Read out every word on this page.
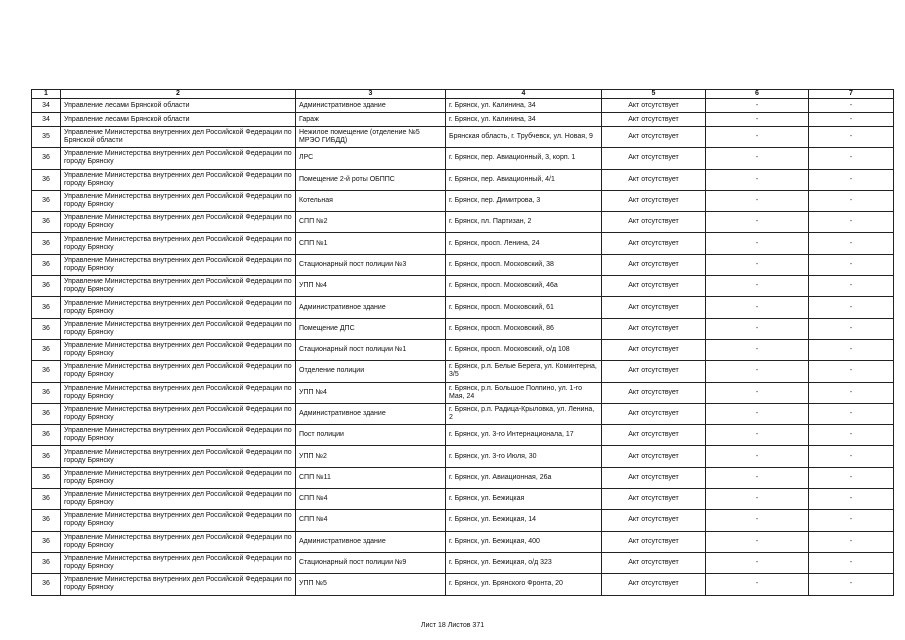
1	2	3	4	5	6	7
34	Управление лесами Брянской области	Административное здание	г. Брянск, ул. Калинина, 34	Акт отсутствует	-	-
34	Управление лесами Брянской области	Гараж	г. Брянск, ул. Калинина, 34	Акт отсутствует	-	-
35	Управление Министерства внутренних дел Российской Федерации по Брянской области	Нежилое помещение (отделение №5 МРЭО ГИБДД)	Брянская область, г. Трубчевск, ул. Новая, 9	Акт отсутствует	-	-
36	Управление Министерства внутренних дел Российской Федерации по городу Брянску	ЛРС	г. Брянск, пер. Авиационный, 3, корп. 1	Акт отсутствует	-	-
36	Управление Министерства внутренних дел Российской Федерации по городу Брянску	Помещение 2-й роты ОБППС	г. Брянск, пер. Авиационный, 4/1	Акт отсутствует	-	-
36	Управление Министерства внутренних дел Российской Федерации по городу Брянску	Котельная	г. Брянск, пер. Димитрова, 3	Акт отсутствует	-	-
36	Управление Министерства внутренних дел Российской Федерации по городу Брянску	СПП №2	г. Брянск, пл. Партизан, 2	Акт отсутствует	-	-
36	Управление Министерства внутренних дел Российской Федерации по городу Брянску	СПП №1	г. Брянск, просп. Ленина, 24	Акт отсутствует	-	-
36	Управление Министерства внутренних дел Российской Федерации по городу Брянску	Стационарный пост полиции №3	г. Брянск, просп. Московский, 38	Акт отсутствует	-	-
36	Управление Министерства внутренних дел Российской Федерации по городу Брянску	УПП №4	г. Брянск, просп. Московский, 46а	Акт отсутствует	-	-
36	Управление Министерства внутренних дел Российской Федерации по городу Брянску	Административное здание	г. Брянск, просп. Московский, 61	Акт отсутствует	-	-
36	Управление Министерства внутренних дел Российской Федерации по городу Брянску	Помещение ДПС	г. Брянск, просп. Московский, 86	Акт отсутствует	-	-
36	Управление Министерства внутренних дел Российской Федерации по городу Брянску	Стационарный пост полиции №1	г. Брянск, просп. Московский, о/д 108	Акт отсутствует	-	-
36	Управление Министерства внутренних дел Российской Федерации по городу Брянску	Отделение полиции	г. Брянск, р.п. Белые Берега, ул. Коминтерна, 3/5	Акт отсутствует	-	-
36	Управление Министерства внутренних дел Российской Федерации по городу Брянску	УПП №4	г. Брянск, р.п. Большое Полпино, ул. 1-го Мая, 24	Акт отсутствует	-	-
36	Управление Министерства внутренних дел Российской Федерации по городу Брянску	Административное здание	г. Брянск, р.п. Радица-Крыловка, ул. Ленина, 2	Акт отсутствует	-	-
36	Управление Министерства внутренних дел Российской Федерации по городу Брянску	Пост полиции	г. Брянск, ул. 3-го Интернационала, 17	Акт отсутствует	-	-
36	Управление Министерства внутренних дел Российской Федерации по городу Брянску	УПП №2	г. Брянск, ул. 3-го Июля, 30	Акт отсутствует	-	-
36	Управление Министерства внутренних дел Российской Федерации по городу Брянску	СПП №11	г. Брянск, ул. Авиационная, 26а	Акт отсутствует	-	-
36	Управление Министерства внутренних дел Российской Федерации по городу Брянску	СПП №4	г. Брянск, ул. Бежицкая	Акт отсутствует	-	-
36	Управление Министерства внутренних дел Российской Федерации по городу Брянску	СПП №4	г. Брянск, ул. Бежицкая, 14	Акт отсутствует	-	-
36	Управление Министерства внутренних дел Российской Федерации по городу Брянску	Административное здание	г. Брянск, ул. Бежицкая, 400	Акт отсутствует	-	-
36	Управление Министерства внутренних дел Российской Федерации по городу Брянску	Стационарный пост полиции №9	г. Брянск, ул. Бежицкая, о/д 323	Акт отсутствует	-	-
36	Управление Министерства внутренних дел Российской Федерации по городу Брянску	УПП №5	г. Брянск, ул. Брянского Фронта, 20	Акт отсутствует	-	-
Лист 18 Листов 371
